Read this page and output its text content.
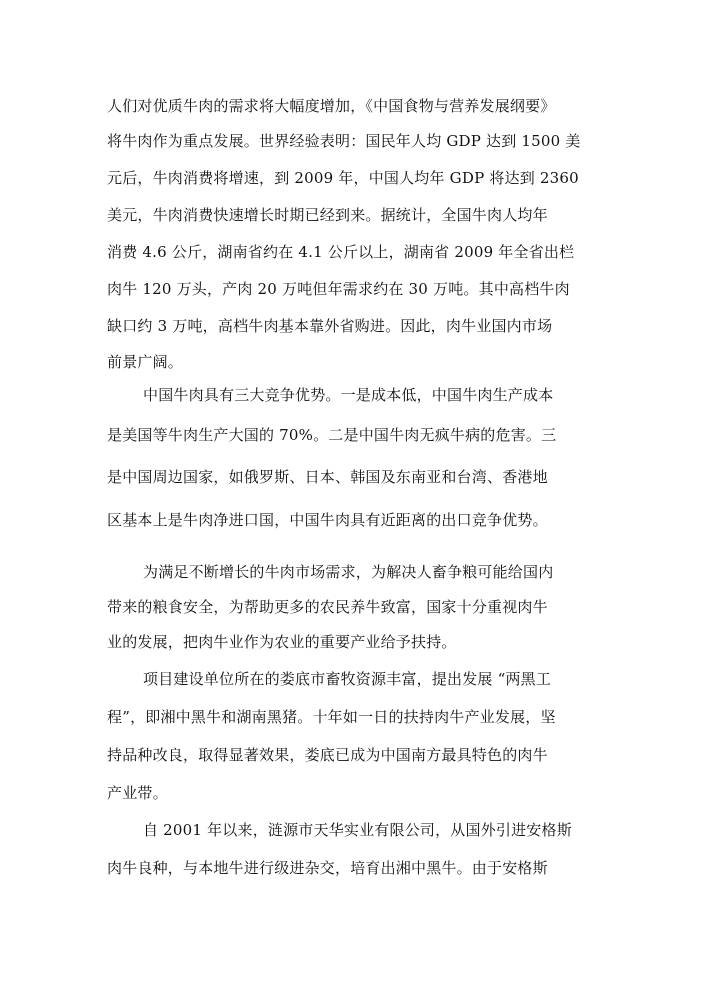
人们对优质牛肉的需求将大幅度增加，《中国食物与营养发展纲要》
将牛肉作为重点发展。世界经验表明：国民年人均 GDP 达到 1500 美
元后，牛肉消费将增速，到 2009 年，中国人均年 GDP 将达到 2360
美元，牛肉消费快速增长时期已经到来。据统计，全国牛肉人均年
消费 4.6 公斤，湖南省约在 4.1 公斤以上，湖南省 2009 年全省出栏
肉牛 120 万头，产肉 20 万吨但年需求约在 30 万吨。其中高档牛肉
缺口约 3 万吨，高档牛肉基本靠外省购进。因此，肉牛业国内市场
前景广阔。
中国牛肉具有三大竞争优势。一是成本低，中国牛肉生产成本
是美国等牛肉生产大国的 70%。二是中国牛肉无疯牛病的危害。三
是中国周边国家，如俄罗斯、日本、韩国及东南亚和台湾、香港地
区基本上是牛肉净进口国，中国牛肉具有近距离的出口竞争优势。
为满足不断增长的牛肉市场需求，为解决人畜争粮可能给国内
带来的粮食安全，为帮助更多的农民养牛致富，国家十分重视肉牛
业的发展，把肉牛业作为农业的重要产业给予扶持。
项目建设单位所在的娄底市畜牧资源丰富，提出发展 “两黑工
程”，即湘中黑牛和湖南黑猪。十年如一日的扶持肉牛产业发展，坚
持品种改良，取得显著效果，娄底已成为中国南方最具特色的肉牛
产业带。
自 2001 年以来，涟源市天华实业有限公司，从国外引进安格斯
肉牛良种，与本地牛进行级进杂交，培育出湘中黑牛。由于安格斯
